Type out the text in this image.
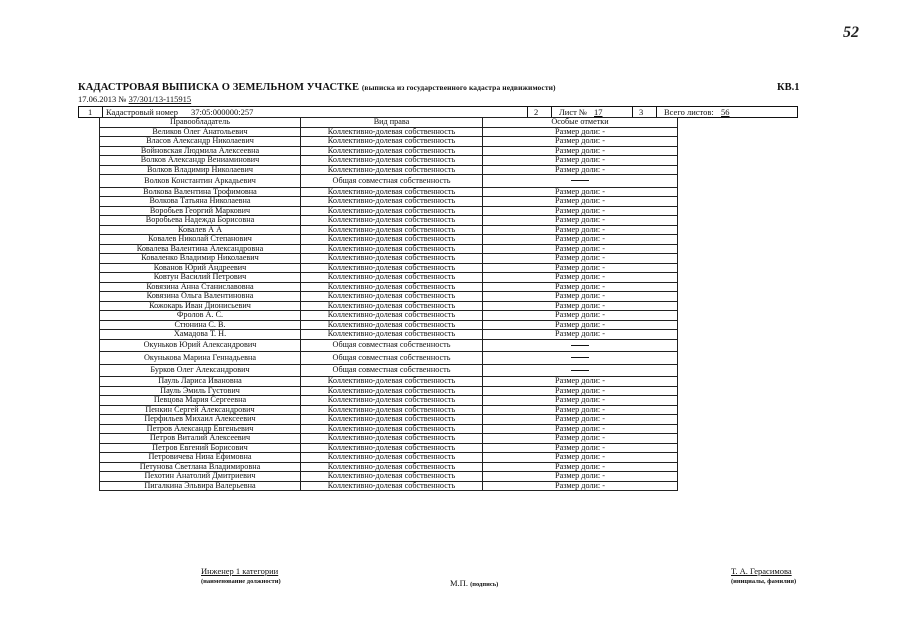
52
КАДАСТРОВАЯ ВЫПИСКА О ЗЕМЕЛЬНОМ УЧАСТКЕ (выписка из государственного кадастра недвижимости)	КВ.1
17.06.2013 № 37/301/13-115915
1 Кадастровый номер 37:05:000000:257	2 Лист № 17	3 Всего листов: 56
Правообладатель	Вид права	Особые отметки
Великов Олег Анатольевич	Коллективно-долевая собственность	Размер доли: -
Власов Александр Николаевич	Коллективно-долевая собственность	Размер доли: -
Войновская Людмила Алексеевна	Коллективно-долевая собственность	Размер доли: -
Волков Александр Вениаминович	Коллективно-долевая собственность	Размер доли: -
Волков Владимир Николаевич	Коллективно-долевая собственность	Размер доли: -
Волков Константин Аркадьевич	Общая совместная собственность	
Волкова Валентина Трофимовна	Коллективно-долевая собственность	Размер доли: -
Волкова Татьяна Николаевна	Коллективно-долевая собственность	Размер доли: -
Воробьев Георгий Маркович	Коллективно-долевая собственность	Размер доли: -
Воробьева Надежда Борисовна	Коллективно-долевая собственность	Размер доли: -
Ковалев А А	Коллективно-долевая собственность	Размер доли: -
Ковалев Николай Степанович	Коллективно-долевая собственность	Размер доли: -
Ковалева Валентина Александровна	Коллективно-долевая собственность	Размер доли: -
Коваленко Владимир Николаевич	Коллективно-долевая собственность	Размер доли: -
Кованов Юрий Андреевич	Коллективно-долевая собственность	Размер доли: -
Ковтун Василий Петрович	Коллективно-долевая собственность	Размер доли: -
Ковязина Анна Станиславовна	Коллективно-долевая собственность	Размер доли: -
Ковязина Ольга Валентиновна	Коллективно-долевая собственность	Размер доли: -
Кожокарь Иван Дионисьевич	Коллективно-долевая собственность	Размер доли: -
Фролов А. С.	Коллективно-долевая собственность	Размер доли: -
Стюнина С. В.	Коллективно-долевая собственность	Размер доли: -
Хамадова Т. Н.	Коллективно-долевая собственность	Размер доли: -
Окуньков Юрий Александрович	Общая совместная собственность	
Окунькова Марина Геннадьевна	Общая совместная собственность	
Бурков Олег Александрович	Общая совместная собственность	
Пауль Лариса Ивановна	Коллективно-долевая собственность	Размер доли: -
Пауль Эмиль Густович	Коллективно-долевая собственность	Размер доли: -
Певцова Мария Сергеевна	Коллективно-долевая собственность	Размер доли: -
Пенкин Сергей Александрович	Коллективно-долевая собственность	Размер доли: -
Перфильев Михаил Алексеевич	Коллективно-долевая собственность	Размер доли: -
Петров Александр Евгеньевич	Коллективно-долевая собственность	Размер доли: -
Петров Виталий Алексеевич	Коллективно-долевая собственность	Размер доли: -
Петров Евгений Борисович	Коллективно-долевая собственность	Размер доли: -
Петровичева Нина Ефимовна	Коллективно-долевая собственность	Размер доли: -
Петунова Светлана Владимировна	Коллективно-долевая собственность	Размер доли: -
Пехотин Анатолий Дмитриевич	Коллективно-долевая собственность	Размер доли: -
Пигалкина Эльвира Валерьевна	Коллективно-долевая собственность	Размер доли: -
Инженер 1 категории
(наименование должности)	М.П. (подпись)
Т. А. Герасимова
(инициалы, фамилия)
